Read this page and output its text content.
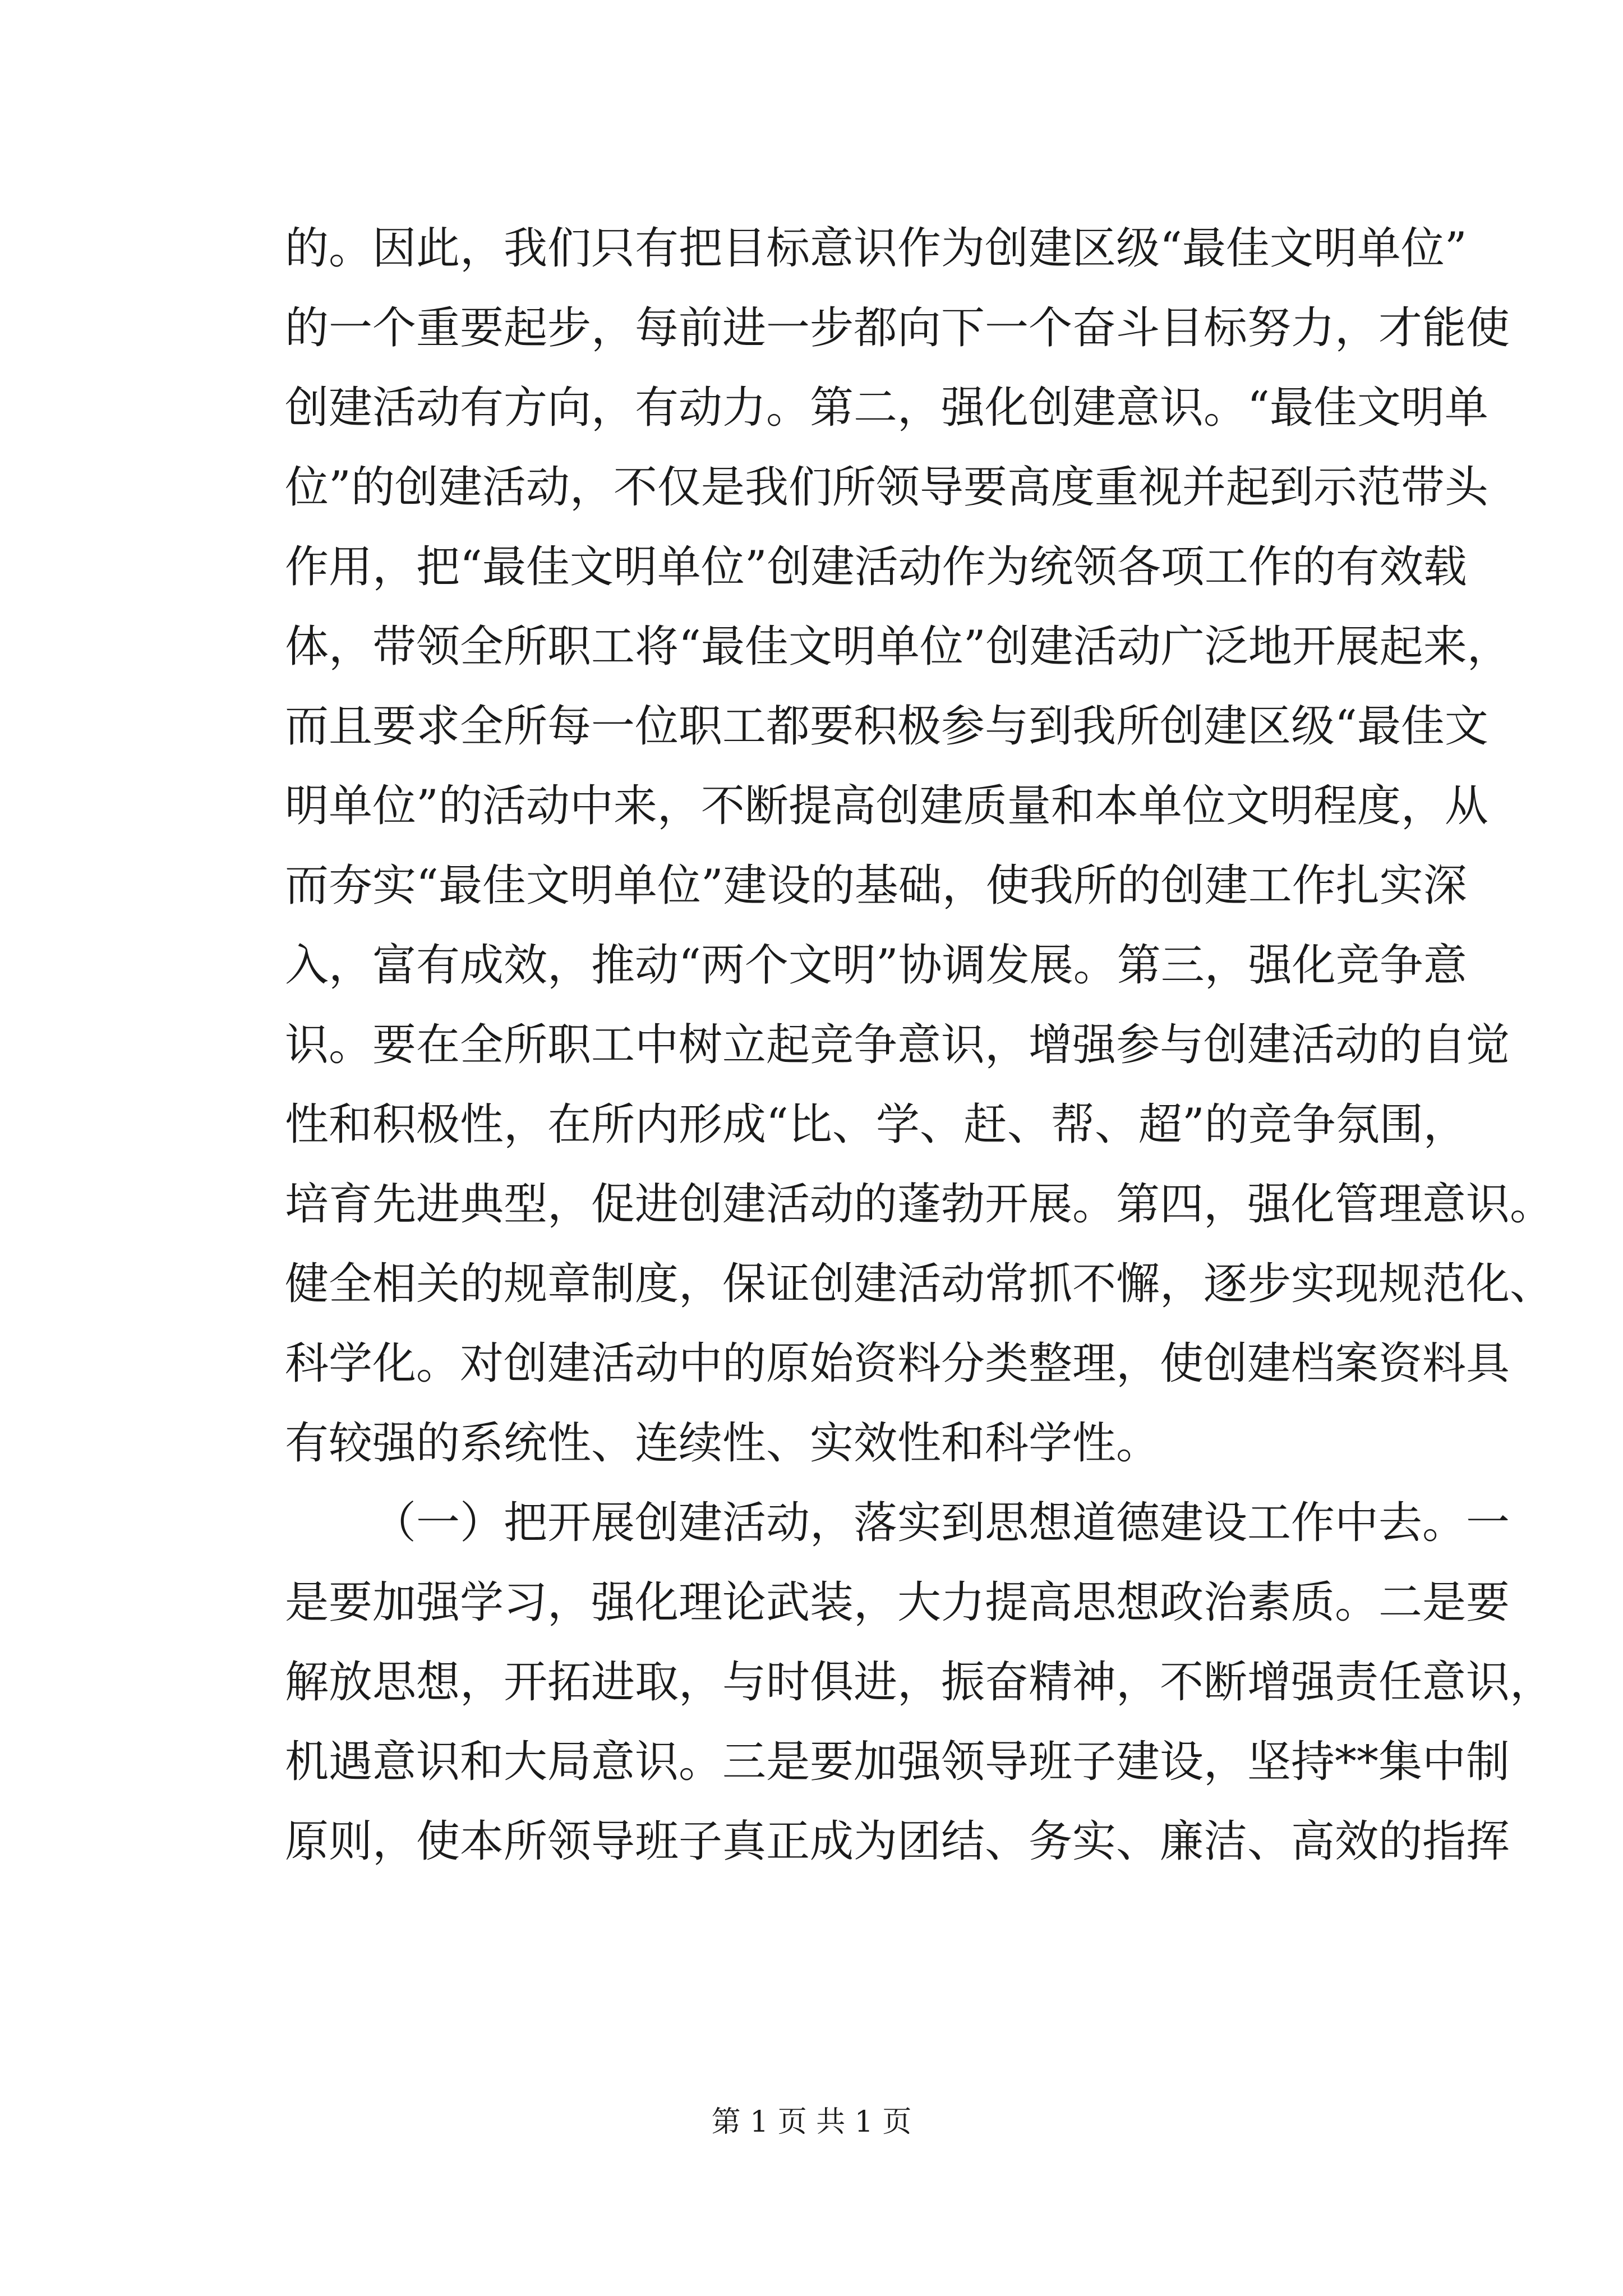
的。因此，我们只有把目标意识作为创建区级“最佳文明单位”
的一个重要起步，每前进一步都向下一个奋斗目标努力，才能使
创建活动有方向，有动力。第二，强化创建意识。“最佳文明单
位”的创建活动，不仅是我们所领导要高度重视并起到示范带头
作用，把“最佳文明单位”创建活动作为统领各项工作的有效载
体，带领全所职工将“最佳文明单位”创建活动广泛地开展起来，
而且要求全所每一位职工都要积极参与到我所创建区级“最佳文
明单位”的活动中来，不断提高创建质量和本单位文明程度，从
而夯实“最佳文明单位”建设的基础，使我所的创建工作扎实深
入，富有成效，推动“两个文明”协调发展。第三，强化竞争意
识。要在全所职工中树立起竞争意识，增强参与创建活动的自觉
性和积极性，在所内形成“比、学、赶、帮、超”的竞争氛围，
培育先进典型，促进创建活动的蓬勃开展。第四，强化管理意识。
健全相关的规章制度，保证创建活动常抓不懈，逐步实现规范化、
科学化。对创建活动中的原始资料分类整理，使创建档案资料具
有较强的系统性、连续性、实效性和科学性。
（一）把开展创建活动，落实到思想道德建设工作中去。一
是要加强学习，强化理论武装，大力提高思想政治素质。二是要
解放思想，开拓进取，与时俱进，振奋精神，不断增强责任意识，
机遇意识和大局意识。三是要加强领导班子建设，坚持**集中制
原则，使本所领导班子真正成为团结、务实、廉洁、高效的指挥
第 1 页 共 1 页
